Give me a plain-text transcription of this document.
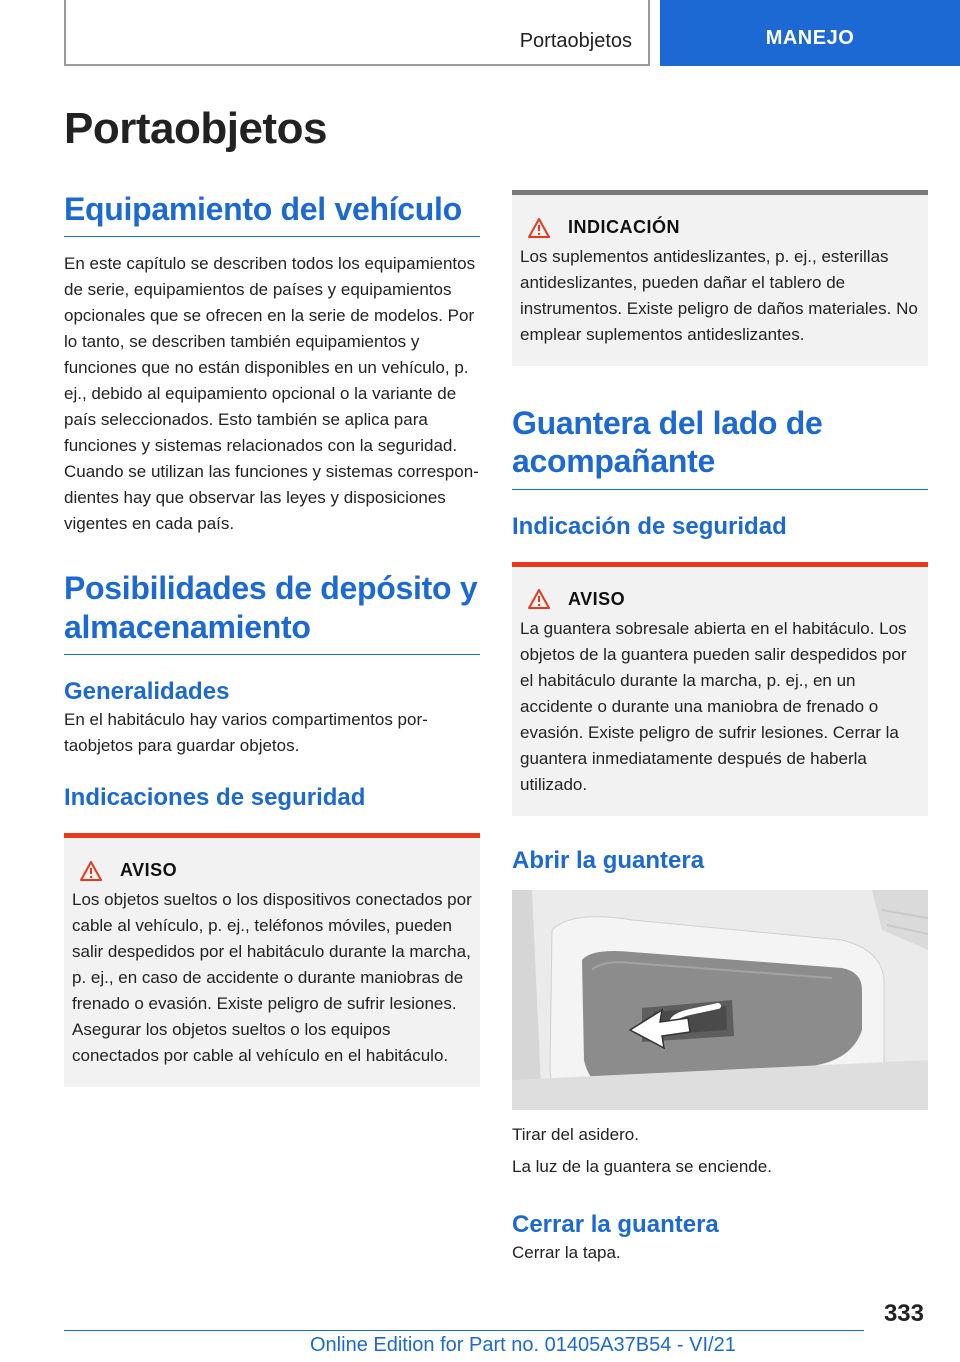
Portaobjetos	MANEJO
Portaobjetos
Equipamiento del vehículo

En este capítulo se describen todos los equipamientos de serie, equipamientos de países y equipamientos opcionales que se ofrecen en la serie de modelos. Por lo tanto, se describen también equipamientos y funciones que no están disponibles en un vehículo, p. ej., debido al equipamiento opcional o la variante de país seleccionados. Esto también se aplica para funciones y sistemas relacionados con la seguridad. Cuando se utilizan las funciones y sistemas correspondientes hay que observar las leyes y disposiciones vigentes en cada país.

Posibilidades de depósito y almacenamiento
Generalidades

En el habitáculo hay varios compartimentos portaobjetos para guardar objetos.

Indicaciones de seguridad
AVISO

Los objetos sueltos o los dispositivos conectados por cable al vehículo, p. ej., teléfonos móviles, pueden salir despedidos por el habitáculo durante la marcha, p. ej., en caso de accidente o durante maniobras de frenado o evasión. Existe peligro de sufrir lesiones. Asegurar los objetos sueltos o los equipos conectados por cable al vehículo en el habitáculo.

INDICACIÓN

Los suplementos antideslizantes, p. ej., esterillas antideslizantes, pueden dañar el tablero de instrumentos. Existe peligro de daños materiales. No emplear suplementos antideslizantes.

Guantera del lado de acompañante
Indicación de seguridad
AVISO

La guantera sobresale abierta en el habitáculo. Los objetos de la guantera pueden salir despedidos por el habitáculo durante la marcha, p. ej., en un accidente o durante una maniobra de frenado o evasión. Existe peligro de sufrir lesiones. Cerrar la guantera inmediatamente después de haberla utilizado.

Abrir la guantera

Tirar del asidero.

La luz de la guantera se enciende.

Cerrar la guantera

Cerrar la tapa.

333
Online Edition for Part no. 01405A37B54 - VI/21
